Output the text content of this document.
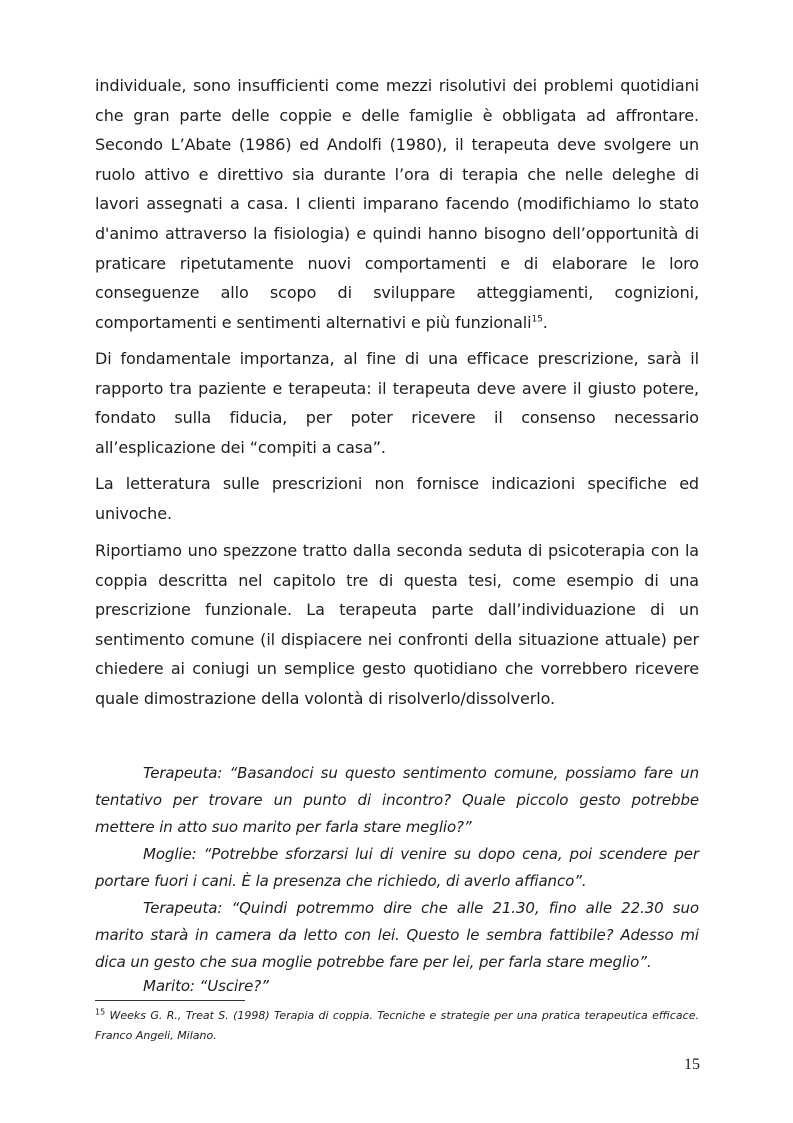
individuale, sono insufficienti come mezzi risolutivi dei problemi quotidiani che gran parte delle coppie e delle famiglie è obbligata ad affrontare. Secondo L’Abate (1986) ed Andolfi (1980), il terapeuta deve svolgere un ruolo attivo e direttivo sia durante l’ora di terapia che nelle deleghe di lavori assegnati a casa. I clienti imparano facendo (modifichiamo lo stato d'animo attraverso la fisiologia) e quindi hanno bisogno dell’opportunità di praticare ripetutamente nuovi comportamenti e di elaborare le loro conseguenze allo scopo di sviluppare atteggiamenti, cognizioni, comportamenti e sentimenti alternativi e più funzionali$^{15}$.

Di fondamentale importanza, al fine di una efficace prescrizione, sarà il rapporto tra paziente e terapeuta: il terapeuta deve avere il giusto potere, fondato sulla fiducia, per poter ricevere il consenso necessario all’esplicazione dei “compiti a casa”.

La letteratura sulle prescrizioni non fornisce indicazioni specifiche ed univoche.

Riportiamo uno spezzone tratto dalla seconda seduta di psicoterapia con la coppia descritta nel capitolo tre di questa tesi, come esempio di una prescrizione funzionale. La terapeuta parte dall’individuazione di un sentimento comune (il dispiacere nei confronti della situazione attuale) per chiedere ai coniugi un semplice gesto quotidiano che vorrebbero ricevere quale dimostrazione della volontà di risolverlo/dissolverlo.

Terapeuta: “Basandoci su questo sentimento comune, possiamo fare un tentativo per trovare un punto di incontro? Quale piccolo gesto potrebbe mettere in atto suo marito per farla stare meglio?”

Moglie: “Potrebbe sforzarsi lui di venire su dopo cena, poi scendere per portare fuori i cani. È la presenza che richiedo, di averlo affianco”.

Terapeuta: “Quindi potremmo dire che alle 21.30, fino alle 22.30 suo marito starà in camera da letto con lei. Questo le sembra fattibile? Adesso mi dica un gesto che sua moglie potrebbe fare per lei, per farla stare meglio”.

Marito: “Uscire?”

$^{15}$ Weeks G. R., Treat S. (1998) Terapia di coppia. Tecniche e strategie per una pratica terapeutica efficace. Franco Angeli, Milano.

15
